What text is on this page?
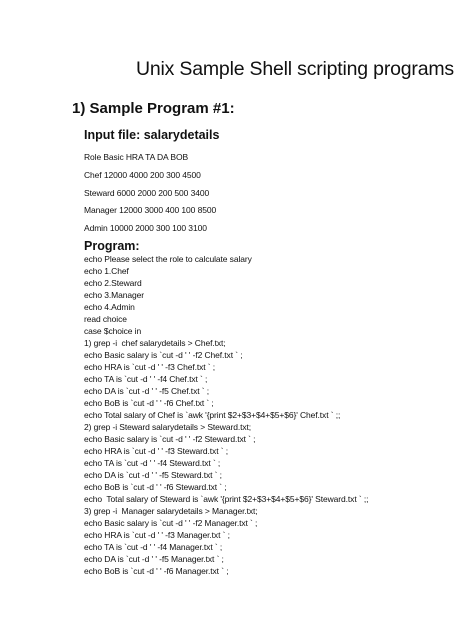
Unix Sample Shell scripting programs
1) Sample Program #1:
Input file: salarydetails
Role Basic HRA TA DA BOB
Chef 12000 4000 200 300 4500
Steward 6000 2000 200 500 3400
Manager 12000 3000 400 100 8500
Admin 10000 2000 300 100 3100
Program:
echo Please select the role to calculate salary
echo 1.Chef
echo 2.Steward
echo 3.Manager
echo 4.Admin
read choice
case $choice in
1) grep -i  chef salarydetails > Chef.txt;
echo Basic salary is `cut -d ' ' -f2 Chef.txt ` ;
echo HRA is `cut -d ' ' -f3 Chef.txt ` ;
echo TA is `cut -d ' ' -f4 Chef.txt ` ;
echo DA is `cut -d ' ' -f5 Chef.txt ` ;
echo BoB is `cut -d ' ' -f6 Chef.txt ` ;
echo Total salary of Chef is `awk '{print $2+$3+$4+$5+$6}' Chef.txt ` ;;
2) grep -i Steward salarydetails > Steward.txt;
echo Basic salary is `cut -d ' ' -f2 Steward.txt ` ;
echo HRA is `cut -d ' ' -f3 Steward.txt ` ;
echo TA is `cut -d ' ' -f4 Steward.txt ` ;
echo DA is `cut -d ' ' -f5 Steward.txt ` ;
echo BoB is `cut -d ' ' -f6 Steward.txt ` ;
echo  Total salary of Steward is `awk '{print $2+$3+$4+$5+$6}' Steward.txt ` ;;
3) grep -i  Manager salarydetails > Manager.txt;
echo Basic salary is `cut -d ' ' -f2 Manager.txt ` ;
echo HRA is `cut -d ' ' -f3 Manager.txt ` ;
echo TA is `cut -d ' ' -f4 Manager.txt ` ;
echo DA is `cut -d ' ' -f5 Manager.txt ` ;
echo BoB is `cut -d ' ' -f6 Manager.txt ` ;
